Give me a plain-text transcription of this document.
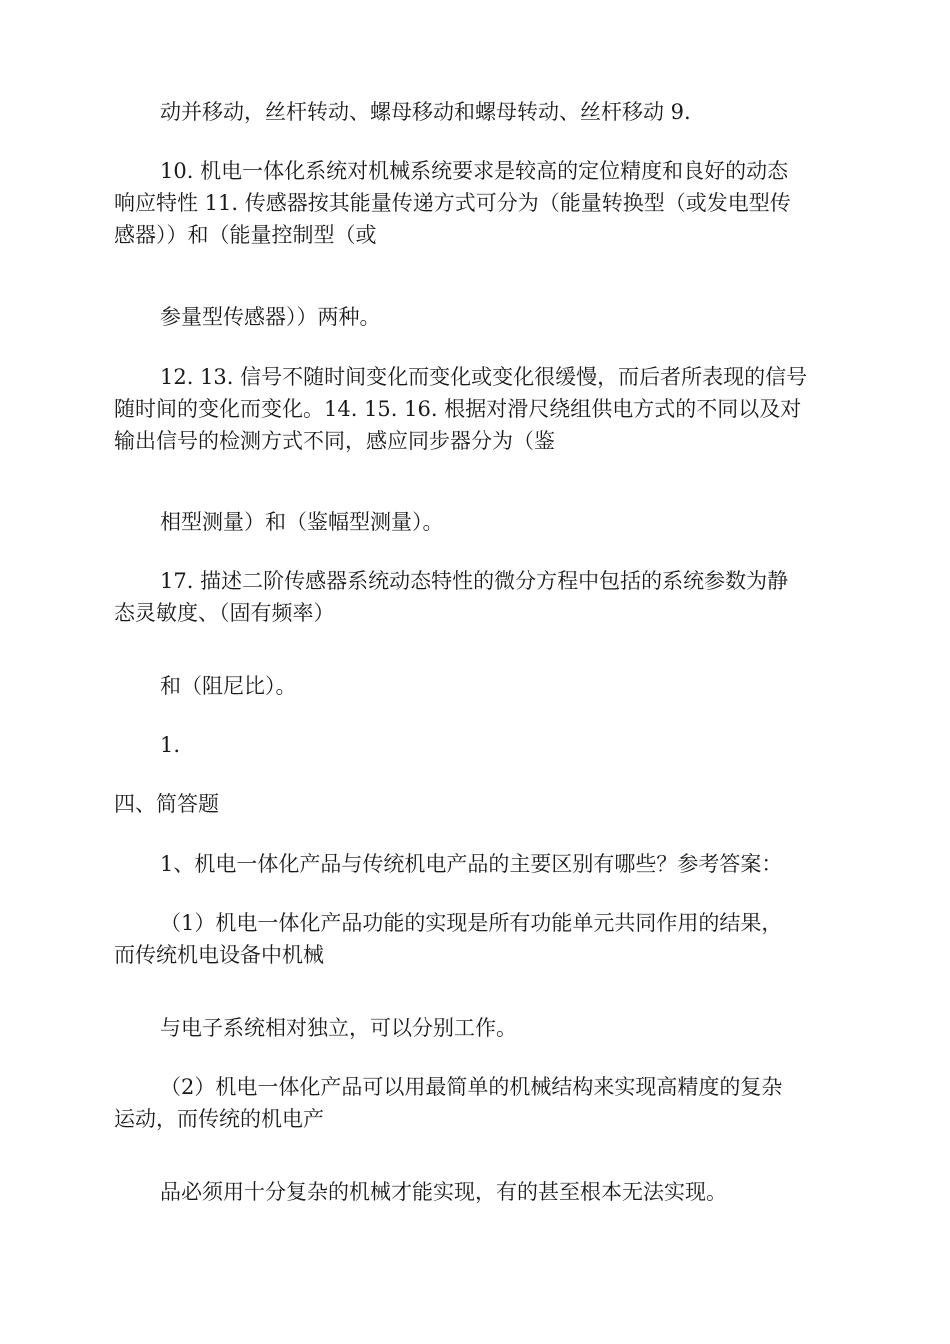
动并移动，丝杆转动、螺母移动和螺母转动、丝杆移动 9.
10. 机电一体化系统对机械系统要求是较高的定位精度和良好的动态
响应特性 11. 传感器按其能量传递方式可分为（能量转换型（或发电型传
感器））和（能量控制型（或
参量型传感器））两种。
12. 13. 信号不随时间变化而变化或变化很缓慢，而后者所表现的信号
随时间的变化而变化。14. 15. 16. 根据对滑尺绕组供电方式的不同以及对
输出信号的检测方式不同，感应同步器分为（鉴
相型测量）和（鉴幅型测量）。
17. 描述二阶传感器系统动态特性的微分方程中包括的系统参数为静
态灵敏度、（固有频率）
和（阻尼比）。
1.
四、简答题
1、机电一体化产品与传统机电产品的主要区别有哪些？参考答案：
（1）机电一体化产品功能的实现是所有功能单元共同作用的结果，
而传统机电设备中机械
与电子系统相对独立，可以分别工作。
（2）机电一体化产品可以用最简单的机械结构来实现高精度的复杂
运动，而传统的机电产
品必须用十分复杂的机械才能实现，有的甚至根本无法实现。
